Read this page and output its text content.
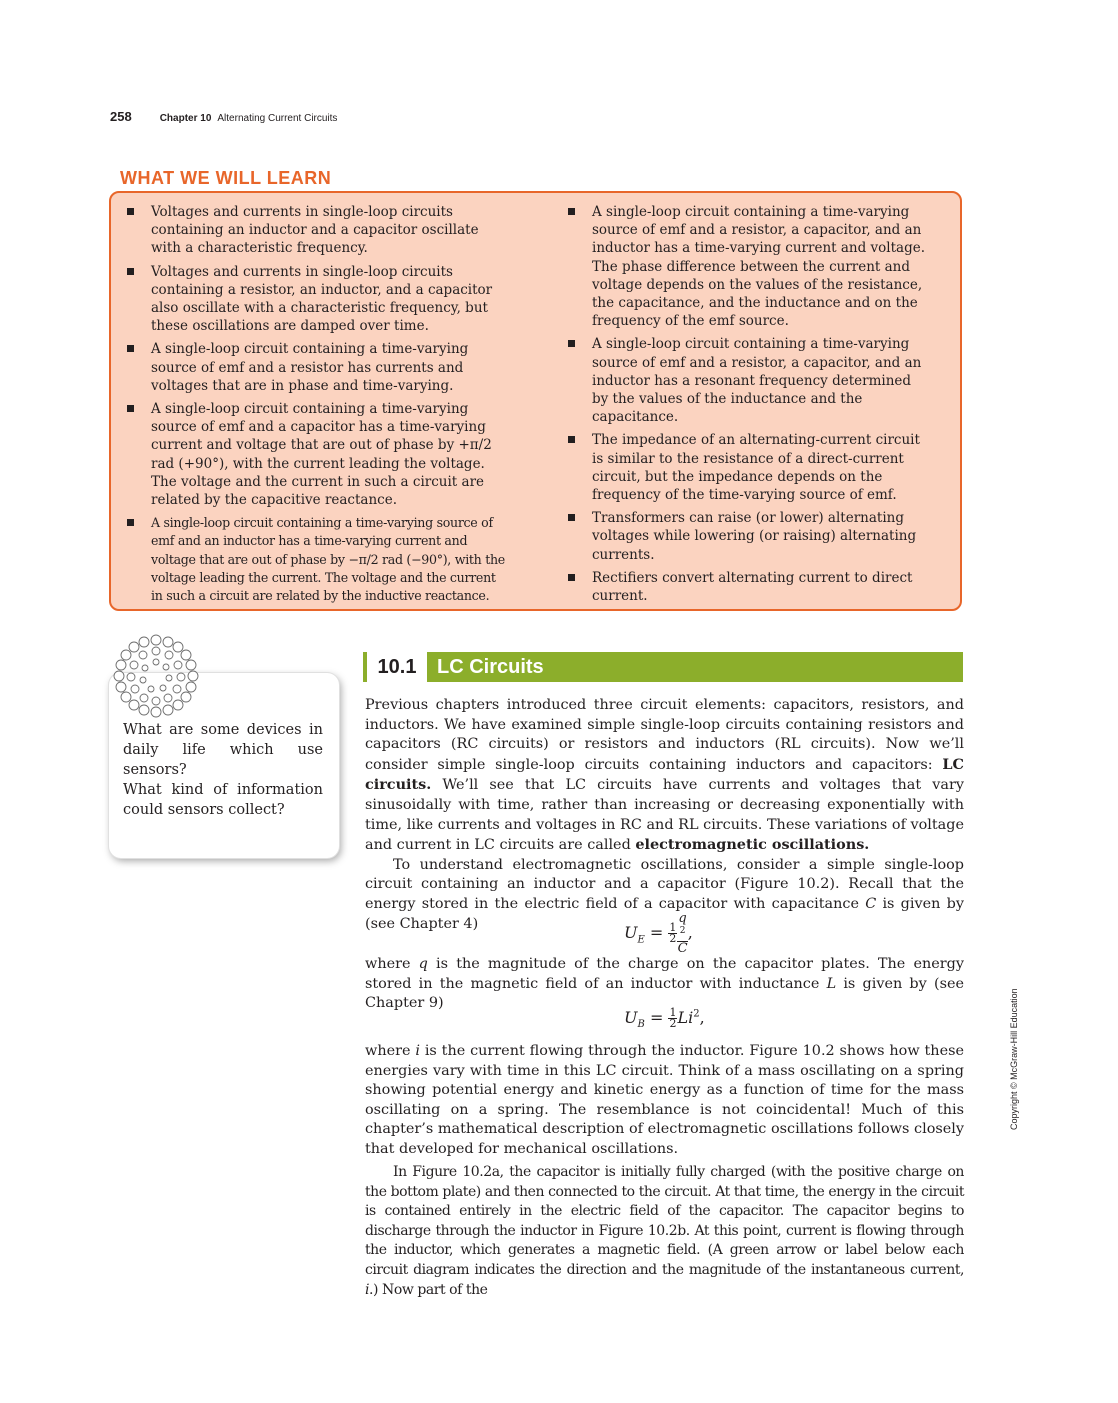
258	Chapter 10 Alternating Current Circuits
WHAT WE WILL LEARN
Voltages and currents in single-loop circuits containing an inductor and a capacitor oscillate with a characteristic frequency.
Voltages and currents in single-loop circuits containing a resistor, an inductor, and a capacitor also oscillate with a characteristic frequency, but these oscillations are damped over time.
A single-loop circuit containing a time-varying source of emf and a resistor has currents and voltages that are in phase and time-varying.
A single-loop circuit containing a time-varying source of emf and a capacitor has a time-varying current and voltage that are out of phase by +π/2 rad (+90°), with the current leading the voltage. The voltage and the current in such a circuit are related by the capacitive reactance.
A single-loop circuit containing a time-varying source of emf and an inductor has a time-varying current and voltage that are out of phase by −π/2 rad (−90°), with the voltage leading the current. The voltage and the current in such a circuit are related by the inductive reactance.
A single-loop circuit containing a time-varying source of emf and a resistor, a capacitor, and an inductor has a time-varying current and voltage. The phase difference between the current and voltage depends on the values of the resistance, the capacitance, and the inductance and on the frequency of the emf source.
A single-loop circuit containing a time-varying source of emf and a resistor, a capacitor, and an inductor has a resonant frequency determined by the values of the inductance and the capacitance.
The impedance of an alternating-current circuit is similar to the resistance of a direct-current circuit, but the impedance depends on the frequency of the time-varying source of emf.
Transformers can raise (or lower) alternating voltages while lowering (or raising) alternating currents.
Rectifiers convert alternating current to direct current.
What are some devices in daily life which use sensors?
What kind of information could sensors collect?
10.1	LC Circuits

Previous chapters introduced three circuit elements: capacitors, resistors, and inductors. We have examined simple single-loop circuits containing resistors and capacitors (RC circuits) or resistors and inductors (RL circuits). Now we’ll consider simple single-loop circuits containing inductors and capacitors: LC circuits. We’ll see that LC circuits have currents and voltages that vary sinusoidally with time, rather than increasing or decreasing exponentially with time, like currents and voltages in RC and RL circuits. These variations of voltage and current in LC circuits are called electromagnetic oscillations.

To understand electromagnetic oscillations, consider a simple single-loop circuit containing an inductor and a capacitor (Figure 10.2). Recall that the energy stored in the electric field of a capacitor with capacitance C is given by (see Chapter 4)	$U_E = \frac{1}{2}$ q
$^2$
C ,

where q is the magnitude of the charge on the capacitor plates. The energy stored in the magnetic field of an inductor with inductance L is given by (see Chapter 9)

$U_B = \frac{1}{2} Li^2$,

where i is the current flowing through the inductor. Figure 10.2 shows how these energies vary with time in this LC circuit. Think of a mass oscillating on a spring showing potential energy and kinetic energy as a function of time for the mass oscillating on a spring. The resemblance is not coincidental! Much of this chapter’s mathematical description of electromagnetic oscillations follows closely that developed for mechanical oscillations.

In Figure 10.2a, the capacitor is initially fully charged (with the positive charge on the bottom plate) and then connected to the circuit. At that time, the energy in the circuit is contained entirely in the electric field of the capacitor. The capacitor begins to discharge through the inductor in Figure 10.2b. At this point, current is flowing through the inductor, which generates a magnetic field. (A green arrow or label below each circuit diagram indicates the direction and the magnitude of the instantaneous current, i.) Now part of the

Copyright © McGraw-Hill Education
